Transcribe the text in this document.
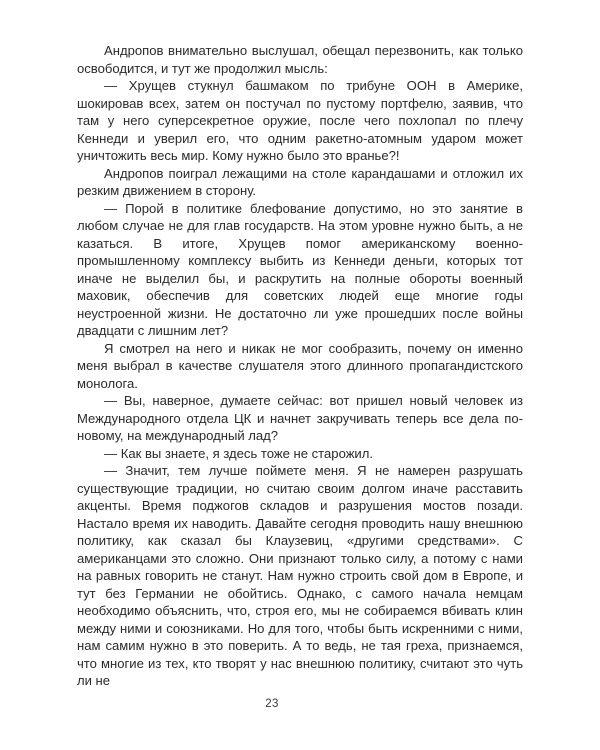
Андропов внимательно выслушал, обещал перезвонить, как только освободится, и тут же продолжил мысль:

— Хрущев стукнул башмаком по трибуне ООН в Америке, шокировав всех, затем он постучал по пустому портфелю, заявив, что там у него суперсекретное оружие, после чего похлопал по плечу Кеннеди и уверил его, что одним ракетно-атомным ударом может уничтожить весь мир. Кому нужно было это вранье?!

Андропов поиграл лежащими на столе карандашами и отложил их резким движением в сторону.

— Порой в политике блефование допустимо, но это занятие в любом случае не для глав государств. На этом уровне нужно быть, а не казаться. В итоге, Хрущев помог американскому военно-промышленному комплексу выбить из Кеннеди деньги, которых тот иначе не выделил бы, и раскрутить на полные обороты военный маховик, обеспечив для советских людей еще многие годы неустроенной жизни. Не достаточно ли уже прошедших после войны двадцати с лишним лет?

Я смотрел на него и никак не мог сообразить, почему он именно меня выбрал в качестве слушателя этого длинного пропагандистского монолога.

— Вы, наверное, думаете сейчас: вот пришел новый человек из Международного отдела ЦК и начнет закручивать теперь все дела по-новому, на международный лад?

— Как вы знаете, я здесь тоже не старожил.

— Значит, тем лучше поймете меня. Я не намерен разрушать существующие традиции, но считаю своим долгом иначе расставить акценты. Время поджогов складов и разрушения мостов позади. Настало время их наводить. Давайте сегодня проводить нашу внешнюю политику, как сказал бы Клаузевиц, «другими средствами». С американцами это сложно. Они признают только силу, а потому с нами на равных говорить не станут. Нам нужно строить свой дом в Европе, и тут без Германии не обойтись. Однако, с самого начала немцам необходимо объяснить, что, строя его, мы не собираемся вбивать клин между ними и союзниками. Но для того, чтобы быть искренними с ними, нам самим нужно в это поверить. А то ведь, не тая греха, признаемся, что многие из тех, кто творят у нас внешнюю политику, считают это чуть ли не

23
